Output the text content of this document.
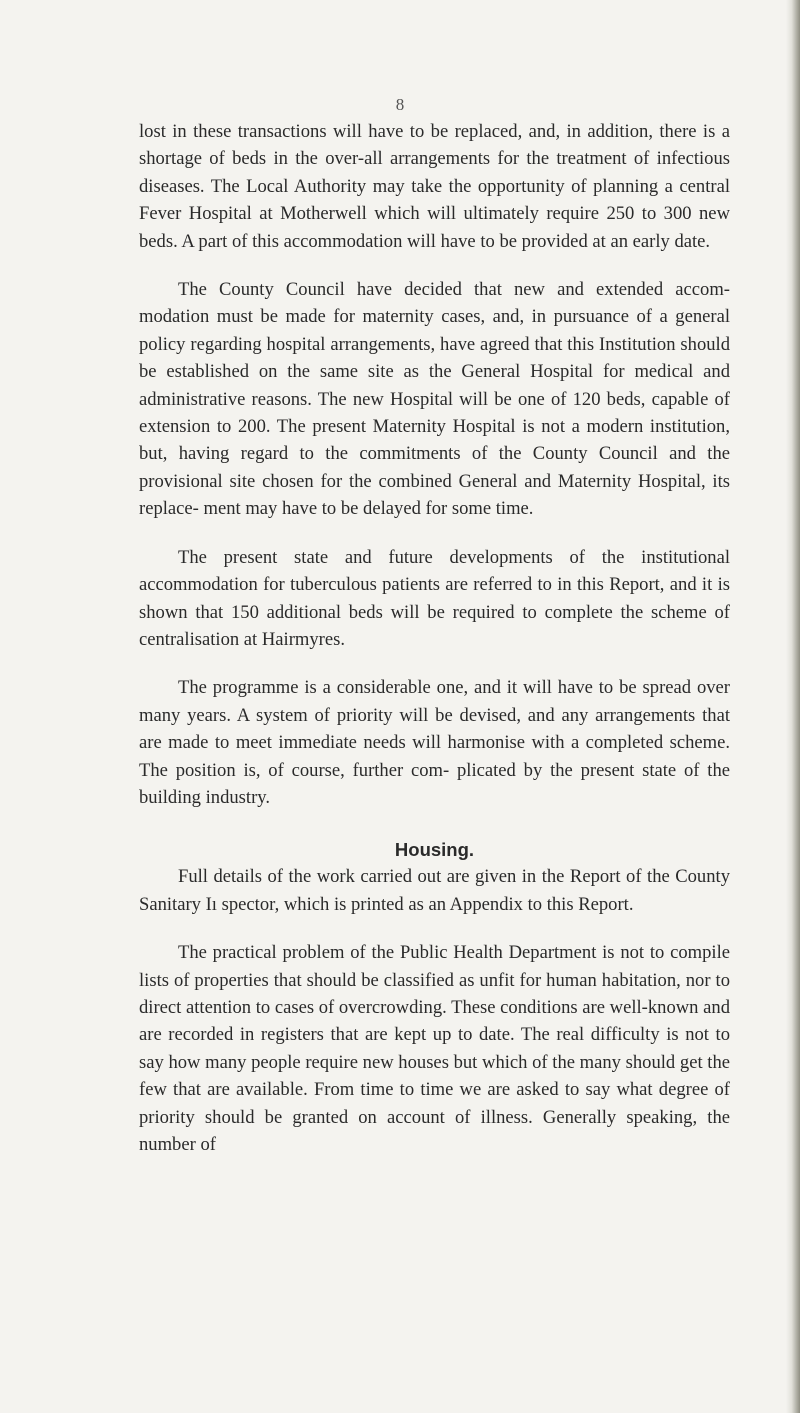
8

lost in these transactions will have to be replaced, and, in addition, there is a shortage of beds in the over-all arrangements for the treatment of infectious diseases. The Local Authority may take the opportunity of planning a central Fever Hospital at Motherwell which will ultimately require 250 to 300 new beds. A part of this accommodation will have to be provided at an early date.

The County Council have decided that new and extended accom- modation must be made for maternity cases, and, in pursuance of a general policy regarding hospital arrangements, have agreed that this Institution should be established on the same site as the General Hospital for medical and administrative reasons. The new Hospital will be one of 120 beds, capable of extension to 200. The present Maternity Hospital is not a modern institution, but, having regard to the commitments of the County Council and the provisional site chosen for the combined General and Maternity Hospital, its replace- ment may have to be delayed for some time.

The present state and future developments of the institutional accommodation for tuberculous patients are referred to in this Report, and it is shown that 150 additional beds will be required to complete the scheme of centralisation at Hairmyres.

The programme is a considerable one, and it will have to be spread over many years. A system of priority will be devised, and any arrangements that are made to meet immediate needs will harmonise with a completed scheme. The position is, of course, further com- plicated by the present state of the building industry.

Housing.

Full details of the work carried out are given in the Report of the County Sanitary Iı spector, which is printed as an Appendix to this Report.

The practical problem of the Public Health Department is not to compile lists of properties that should be classified as unfit for human habitation, nor to direct attention to cases of overcrowding. These conditions are well-known and are recorded in registers that are kept up to date. The real difficulty is not to say how many people require new houses but which of the many should get the few that are available. From time to time we are asked to say what degree of priority should be granted on account of illness. Generally speaking, the number of
